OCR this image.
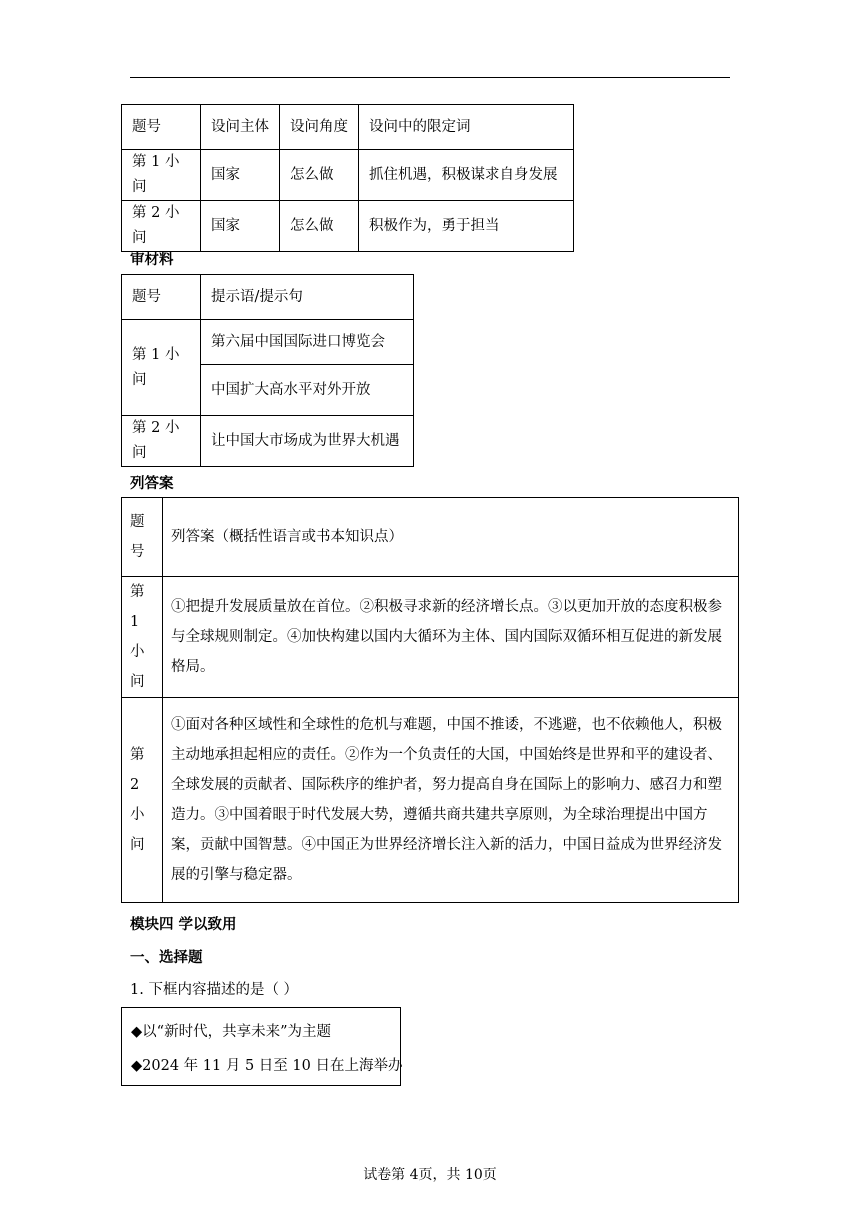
题号	设问主体	设问角度	设问中的限定词
第 1 小问	国家	怎么做	抓住机遇，积极谋求自身发展
第 2 小问	国家	怎么做	积极作为，勇于担当
审材料
题号	提示语/提示句
第 1 小问	第六届中国国际进口博览会
	中国扩大高水平对外开放
第 2 小问	让中国大市场成为世界大机遇
列答案
题号	列答案（概括性语言或书本知识点）
第 1 小问	①把提升发展质量放在首位。②积极寻求新的经济增长点。③以更加开放的态度积极参与全球规则制定。④加快构建以国内大循环为主体、国内国际双循环相互促进的新发展格局。
第 2 小问	①面对各种区域性和全球性的危机与难题，中国不推诿，不逃避，也不依赖他人，积极主动地承担起相应的责任。②作为一个负责任的大国，中国始终是世界和平的建设者、全球发展的贡献者、国际秩序的维护者，努力提高自身在国际上的影响力、感召力和塑造力。③中国着眼于时代发展大势，遵循共商共建共享原则，为全球治理提出中国方案，贡献中国智慧。④中国正为世界经济增长注入新的活力，中国日益成为世界经济发展的引擎与稳定器。
模块四 学以致用
一、选择题
1. 下框内容描述的是（ ）
◆以“新时代，共享未来”为主题
◆2024 年 11 月 5 日至 10 日在上海举办
试卷第 4页，共 10页
